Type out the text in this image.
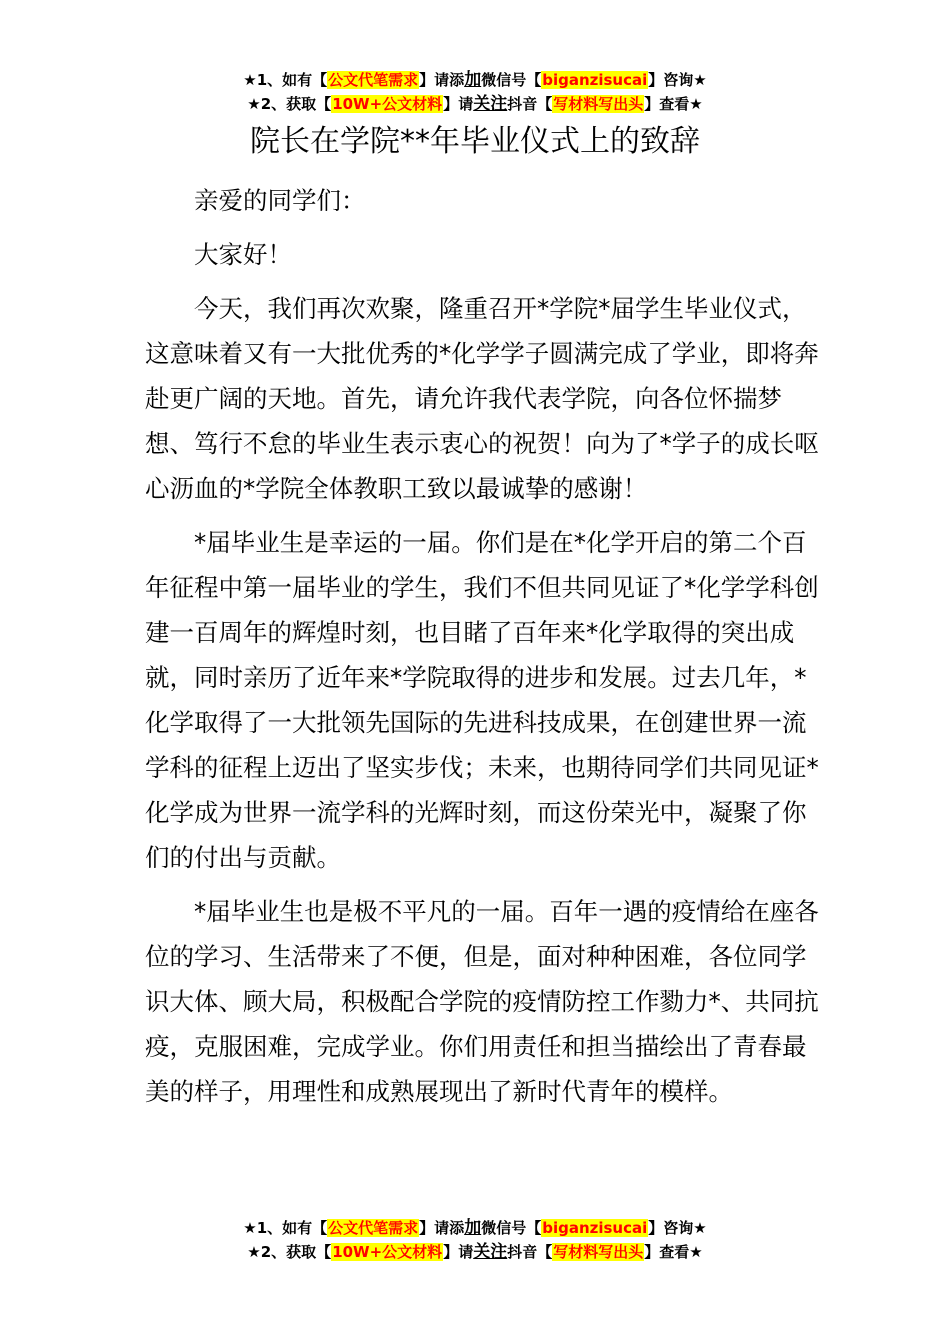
★1、如有【公文代笔需求】请添加微信号【biganzisucai】咨询★
★2、获取【10W+公文材料】请关注抖音【写材料写出头】查看★
院长在学院**年毕业仪式上的致辞

亲爱的同学们：

大家好！

今天，我们再次欢聚，隆重召开*学院*届学生毕业仪式，这意味着又有一大批优秀的*化学学子圆满完成了学业，即将奔赴更广阔的天地。首先，请允许我代表学院，向各位怀揣梦想、笃行不怠的毕业生表示衷心的祝贺！向为了*学子的成长呕心沥血的*学院全体教职工致以最诚挚的感谢！

*届毕业生是幸运的一届。你们是在*化学开启的第二个百年征程中第一届毕业的学生，我们不但共同见证了*化学学科创建一百周年的辉煌时刻，也目睹了百年来*化学取得的突出成就，同时亲历了近年来*学院取得的进步和发展。过去几年，*化学取得了一大批领先国际的先进科技成果，在创建世界一流学科的征程上迈出了坚实步伐；未来，也期待同学们共同见证*化学成为世界一流学科的光辉时刻，而这份荣光中，凝聚了你们的付出与贡献。

*届毕业生也是极不平凡的一届。百年一遇的疫情给在座各位的学习、生活带来了不便，但是，面对种种困难，各位同学识大体、顾大局，积极配合学院的疫情防控工作勠力*、共同抗疫，克服困难，完成学业。你们用责任和担当描绘出了青春最美的样子，用理性和成熟展现出了新时代青年的模样。

★1、如有【公文代笔需求】请添加微信号【biganzisucai】咨询★
★2、获取【10W+公文材料】请关注抖音【写材料写出头】查看★
